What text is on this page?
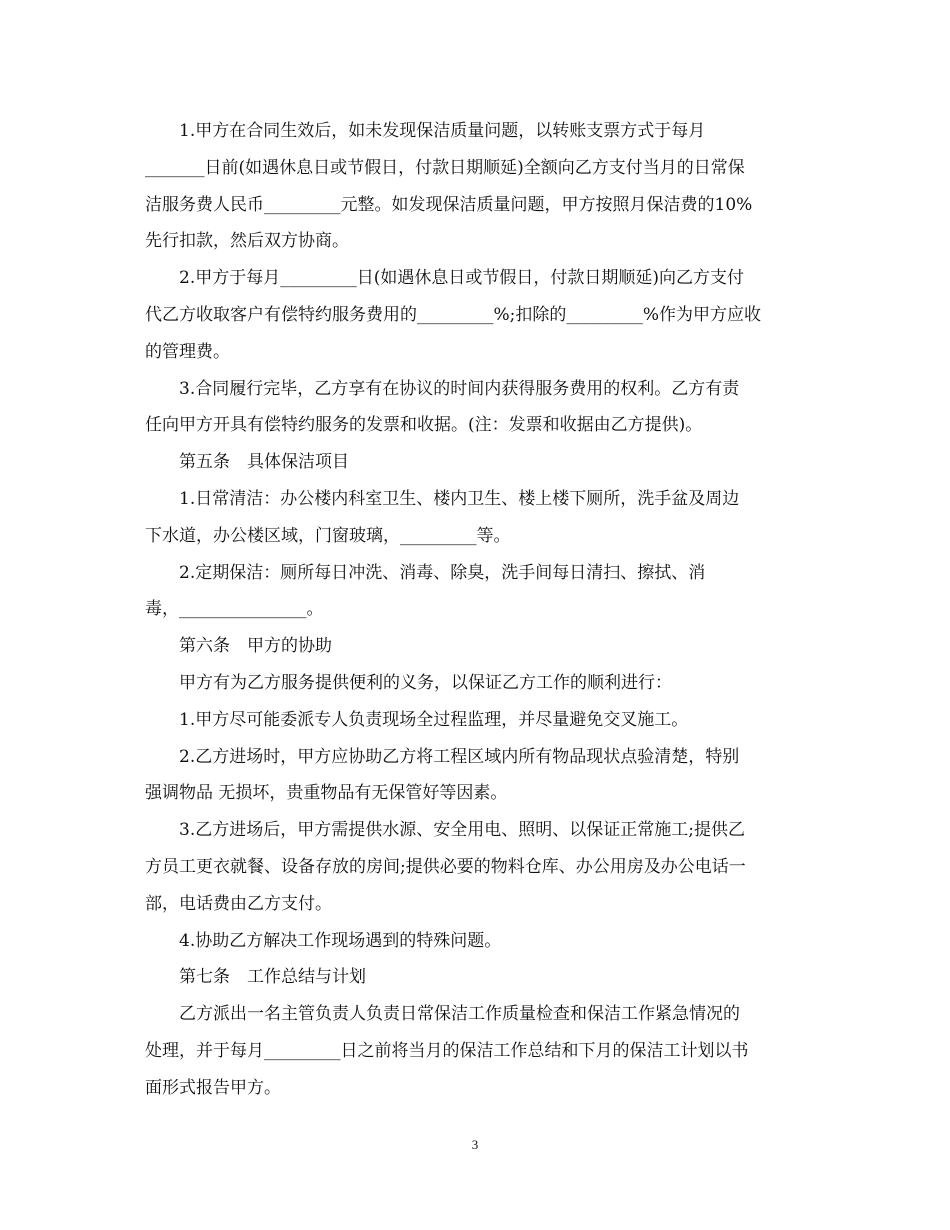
1.甲方在合同生效后，如未发现保洁质量问题，以转账支票方式于每月
_______日前(如遇休息日或节假日，付款日期顺延)全额向乙方支付当月的日常保
洁服务费人民币_________元整。如发现保洁质量问题，甲方按照月保洁费的10%
先行扣款，然后双方协商。
2.甲方于每月_________日(如遇休息日或节假日，付款日期顺延)向乙方支付
代乙方收取客户有偿特约服务费用的_________%;扣除的_________%作为甲方应收
的管理费。
3.合同履行完毕，乙方享有在协议的时间内获得服务费用的权利。乙方有责
任向甲方开具有偿特约服务的发票和收据。(注：发票和收据由乙方提供)。
第五条　具体保洁项目
1.日常清洁：办公楼内科室卫生、楼内卫生、楼上楼下厕所，洗手盆及周边
下水道，办公楼区域，门窗玻璃，_________等。
2.定期保洁：厕所每日冲洗、消毒、除臭，洗手间每日清扫、擦拭、消
毒，_______________。
第六条　甲方的协助
甲方有为乙方服务提供便利的义务，以保证乙方工作的顺利进行：
1.甲方尽可能委派专人负责现场全过程监理，并尽量避免交叉施工。
2.乙方进场时，甲方应协助乙方将工程区域内所有物品现状点验清楚，特别
强调物品 无损坏，贵重物品有无保管好等因素。
3.乙方进场后，甲方需提供水源、安全用电、照明、以保证正常施工;提供乙
方员工更衣就餐、设备存放的房间;提供必要的物料仓库、办公用房及办公电话一
部，电话费由乙方支付。
4.协助乙方解决工作现场遇到的特殊问题。
第七条　工作总结与计划
乙方派出一名主管负责人负责日常保洁工作质量检查和保洁工作紧急情况的
处理，并于每月_________日之前将当月的保洁工作总结和下月的保洁工计划以书
面形式报告甲方。
3
